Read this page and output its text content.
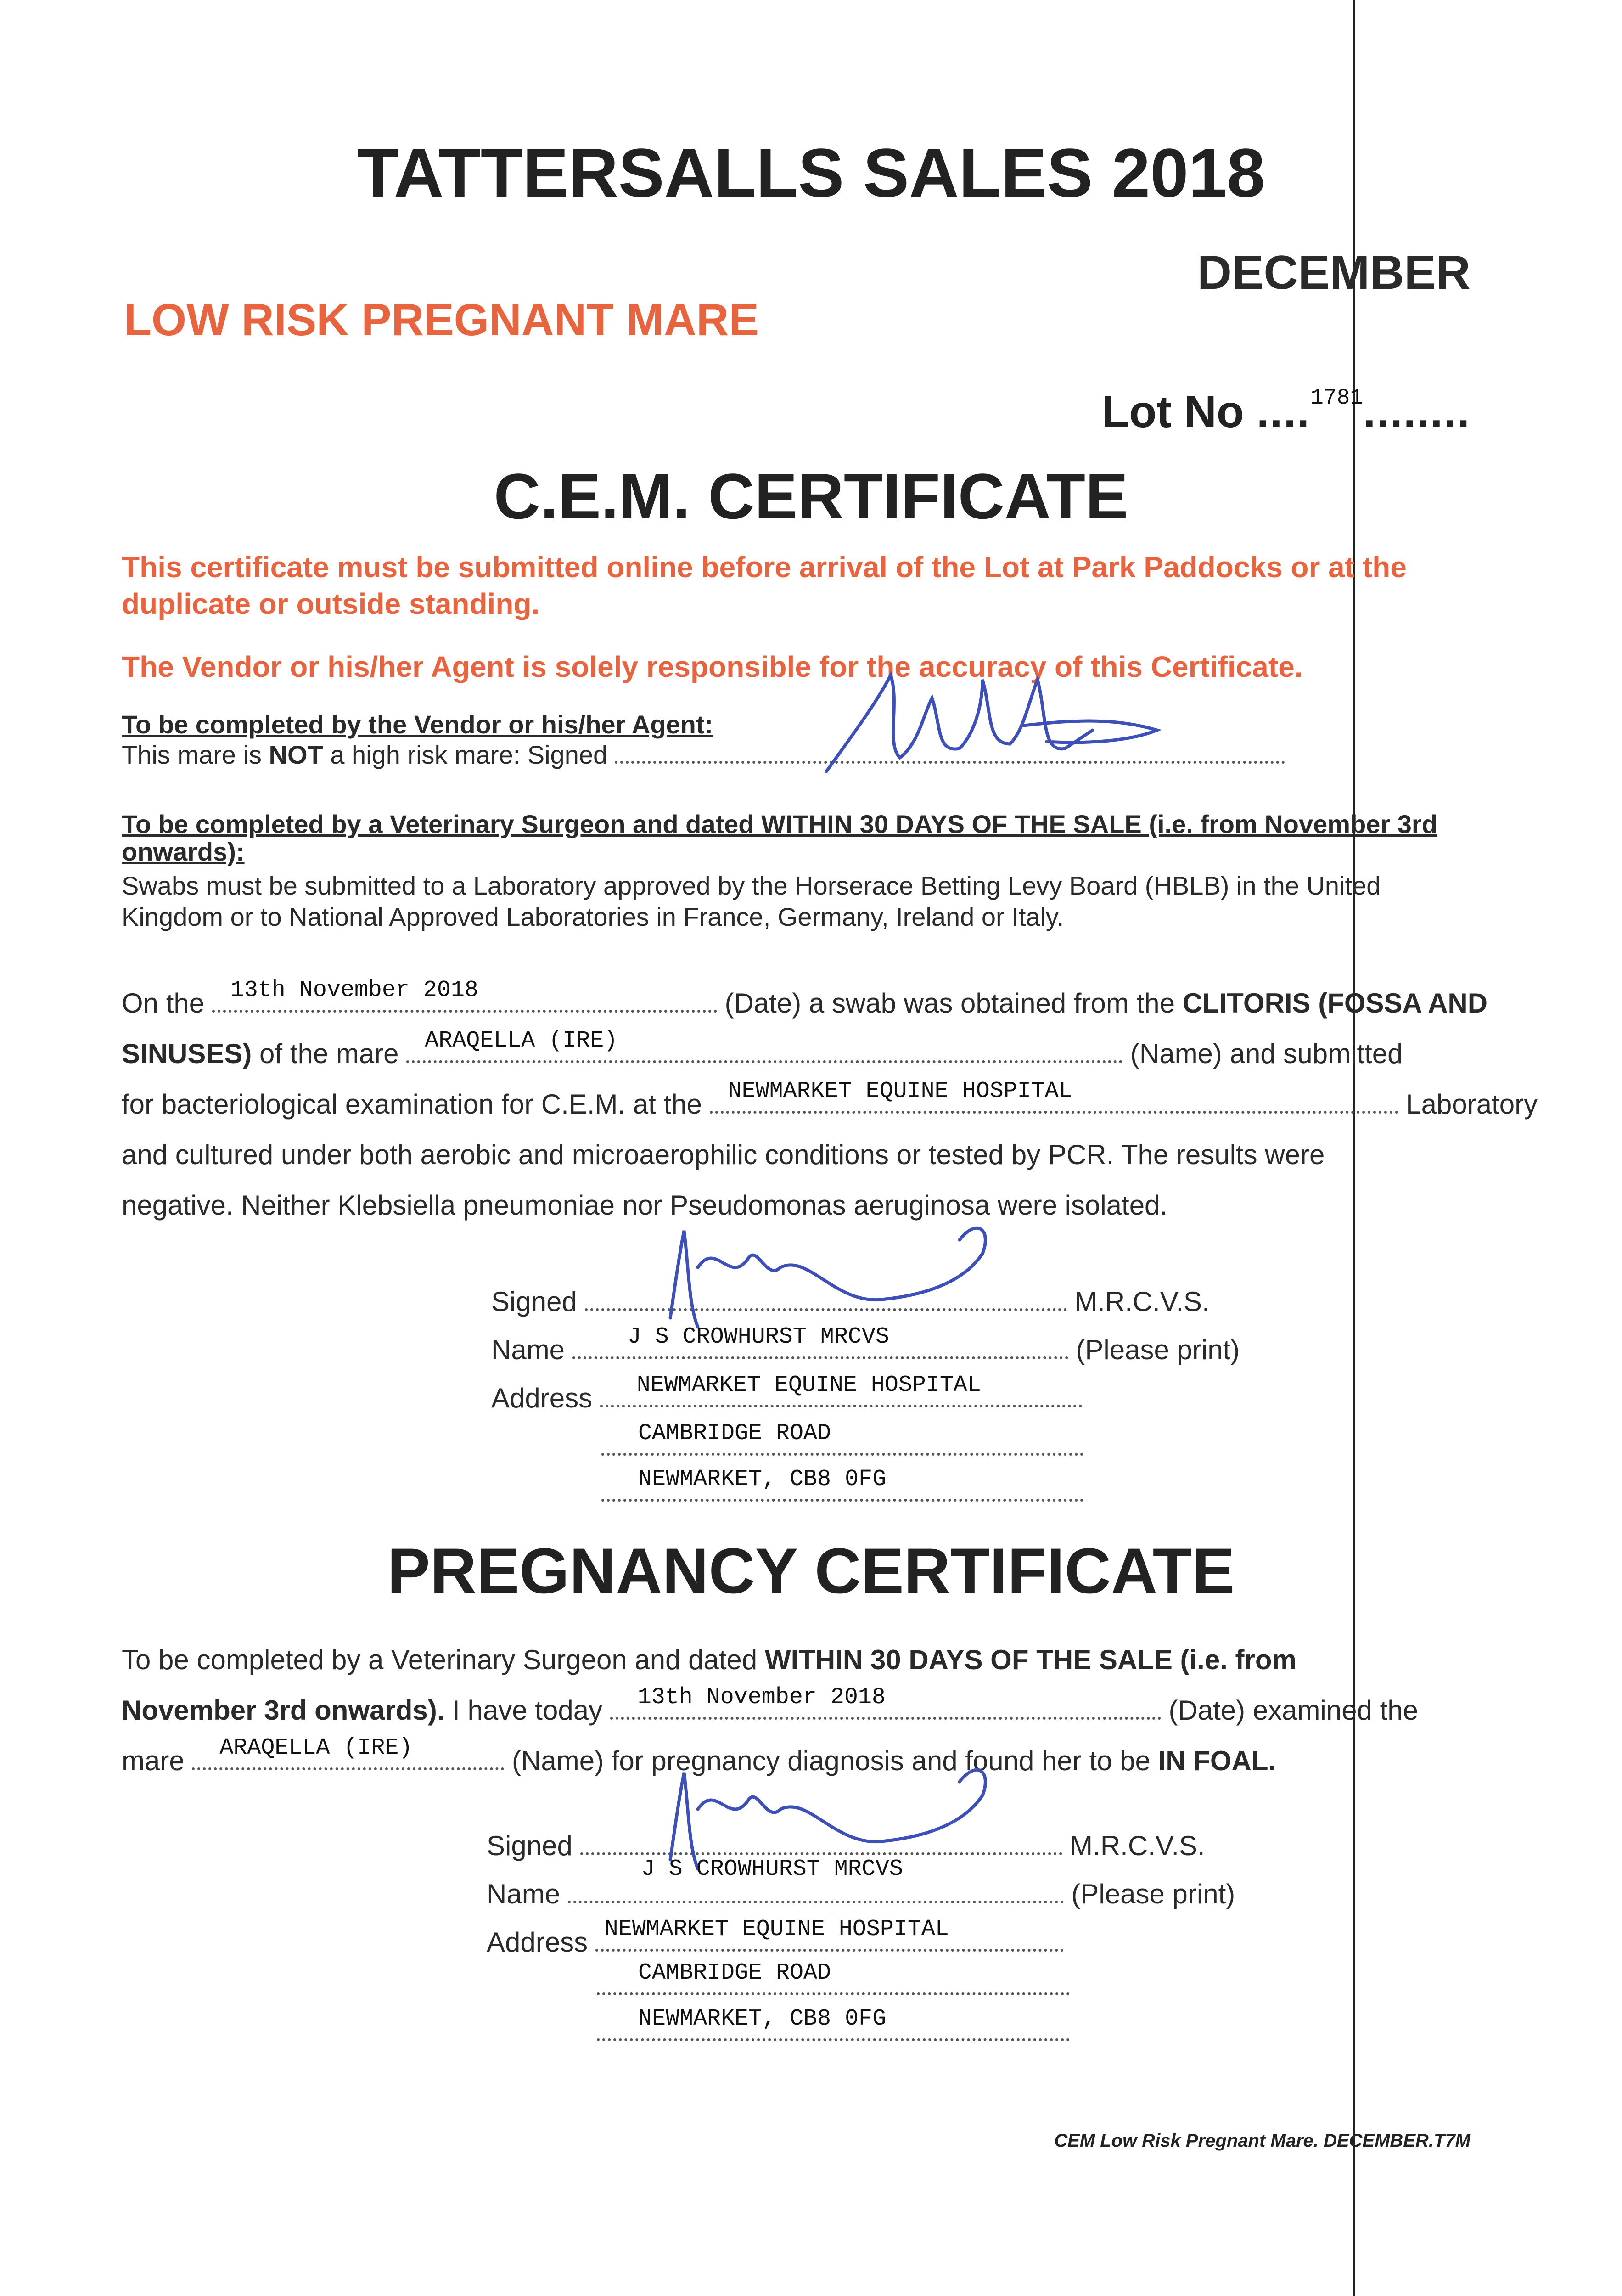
TATTERSALLS SALES 2018
DECEMBER
LOW RISK PREGNANT MARE
Lot No ....$^{1781}$........
C.E.M. CERTIFICATE
This certificate must be submitted online before arrival of the Lot at Park Paddocks or at the duplicate or outside standing.
The Vendor or his/her Agent is solely responsible for the accuracy of this Certificate.
To be completed by the Vendor or his/her Agent:
This mare is NOT a high risk mare: Signed
To be completed by a Veterinary Surgeon and dated WITHIN 30 DAYS OF THE SALE (i.e. from November 3rd onwards):
Swabs must be submitted to a Laboratory approved by the Horserace Betting Levy Board (HBLB) in the United Kingdom or to National Approved Laboratories in France, Germany, Ireland or Italy.
On the 13th November 2018	(Date) a swab was obtained from the CLITORIS (FOSSA AND
SINUSES) of the mare ARAQELLA (IRE)	(Name) and submitted
for bacteriological examination for C.E.M. at the NEWMARKET EQUINE HOSPITAL	Laboratory
and cultured under both aerobic and microaerophilic conditions or tested by PCR. The results were
negative. Neither Klebsiella pneumoniae nor Pseudomonas aeruginosa were isolated.
Signed	M.R.C.V.S.
Name	J S CROWHURST MRCVS	(Please print)
Address NEWMARKET EQUINE HOSPITAL
CAMBRIDGE ROAD
NEWMARKET, CB8 0FG
PREGNANCY CERTIFICATE
To be completed by a Veterinary Surgeon and dated WITHIN 30 DAYS OF THE SALE (i.e. from
November 3rd onwards). I have today 13th November 2018	(Date) examined the
mare ARAQELLA (IRE)	(Name) for pregnancy diagnosis and found her to be IN FOAL.
Signed	M.R.C.V.S.
Name
J S CROWHURST MRCVS
(Please print)
Address NEWMARKET EQUINE HOSPITAL
CAMBRIDGE ROAD
NEWMARKET, CB8 0FG
CEM Low Risk Pregnant Mare. DECEMBER.T7M
